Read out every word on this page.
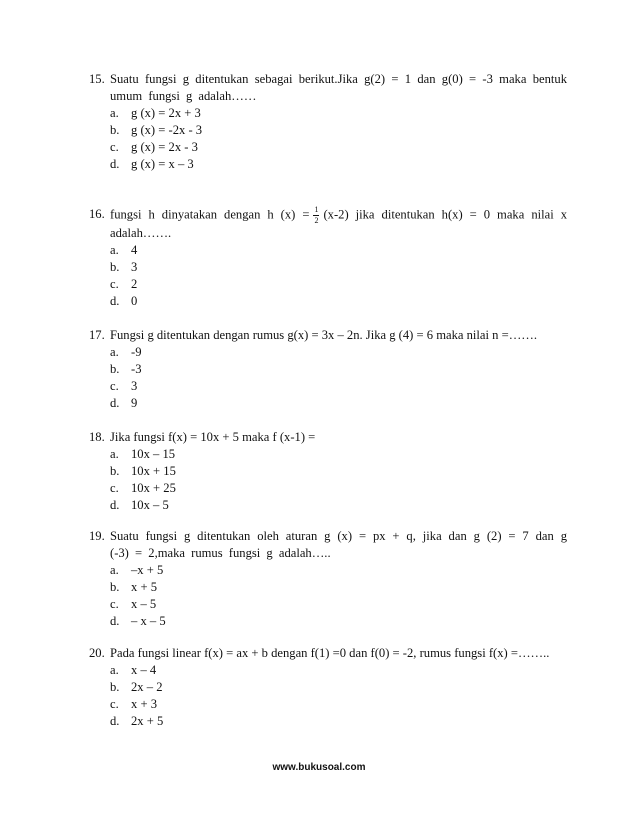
15. Suatu fungsi g ditentukan sebagai berikut.Jika g(2) = 1 dan g(0) = -3 maka bentuk umum fungsi g adalah……
a. g (x) = 2x + 3
b. g (x) = -2x - 3
c. g (x) = 2x - 3
d. g (x) = x – 3
16. fungsi h dinyatakan dengan h $(x) = \frac{1}{2} (x-2)$ jika ditentukan h(x) = 0 maka nilai x adalah…….
a. 4
b. 3
c. 2
d. 0
17. Fungsi g ditentukan dengan rumus g(x) = 3x – 2n. Jika g (4) = 6 maka nilai n =…….
a. -9
b. -3
c. 3
d. 9
18. Jika fungsi f(x) = 10x + 5 maka f (x-1) =
a. 10x – 15
b. 10x + 15
c. 10x + 25
d. 10x – 5
19. Suatu fungsi g ditentukan oleh aturan g (x) = px + q, jika dan g (2) = 7 dan g (-3) = 2,maka rumus fungsi g adalah…..
a. –x + 5
b. x + 5
c. x – 5
d. – x – 5
20. Pada fungsi linear f(x) = ax + b dengan f(1) =0 dan f(0) = -2, rumus fungsi f(x) =……..
a. x – 4
b. 2x – 2
c. x + 3
d. 2x + 5
www.bukusoal.com
